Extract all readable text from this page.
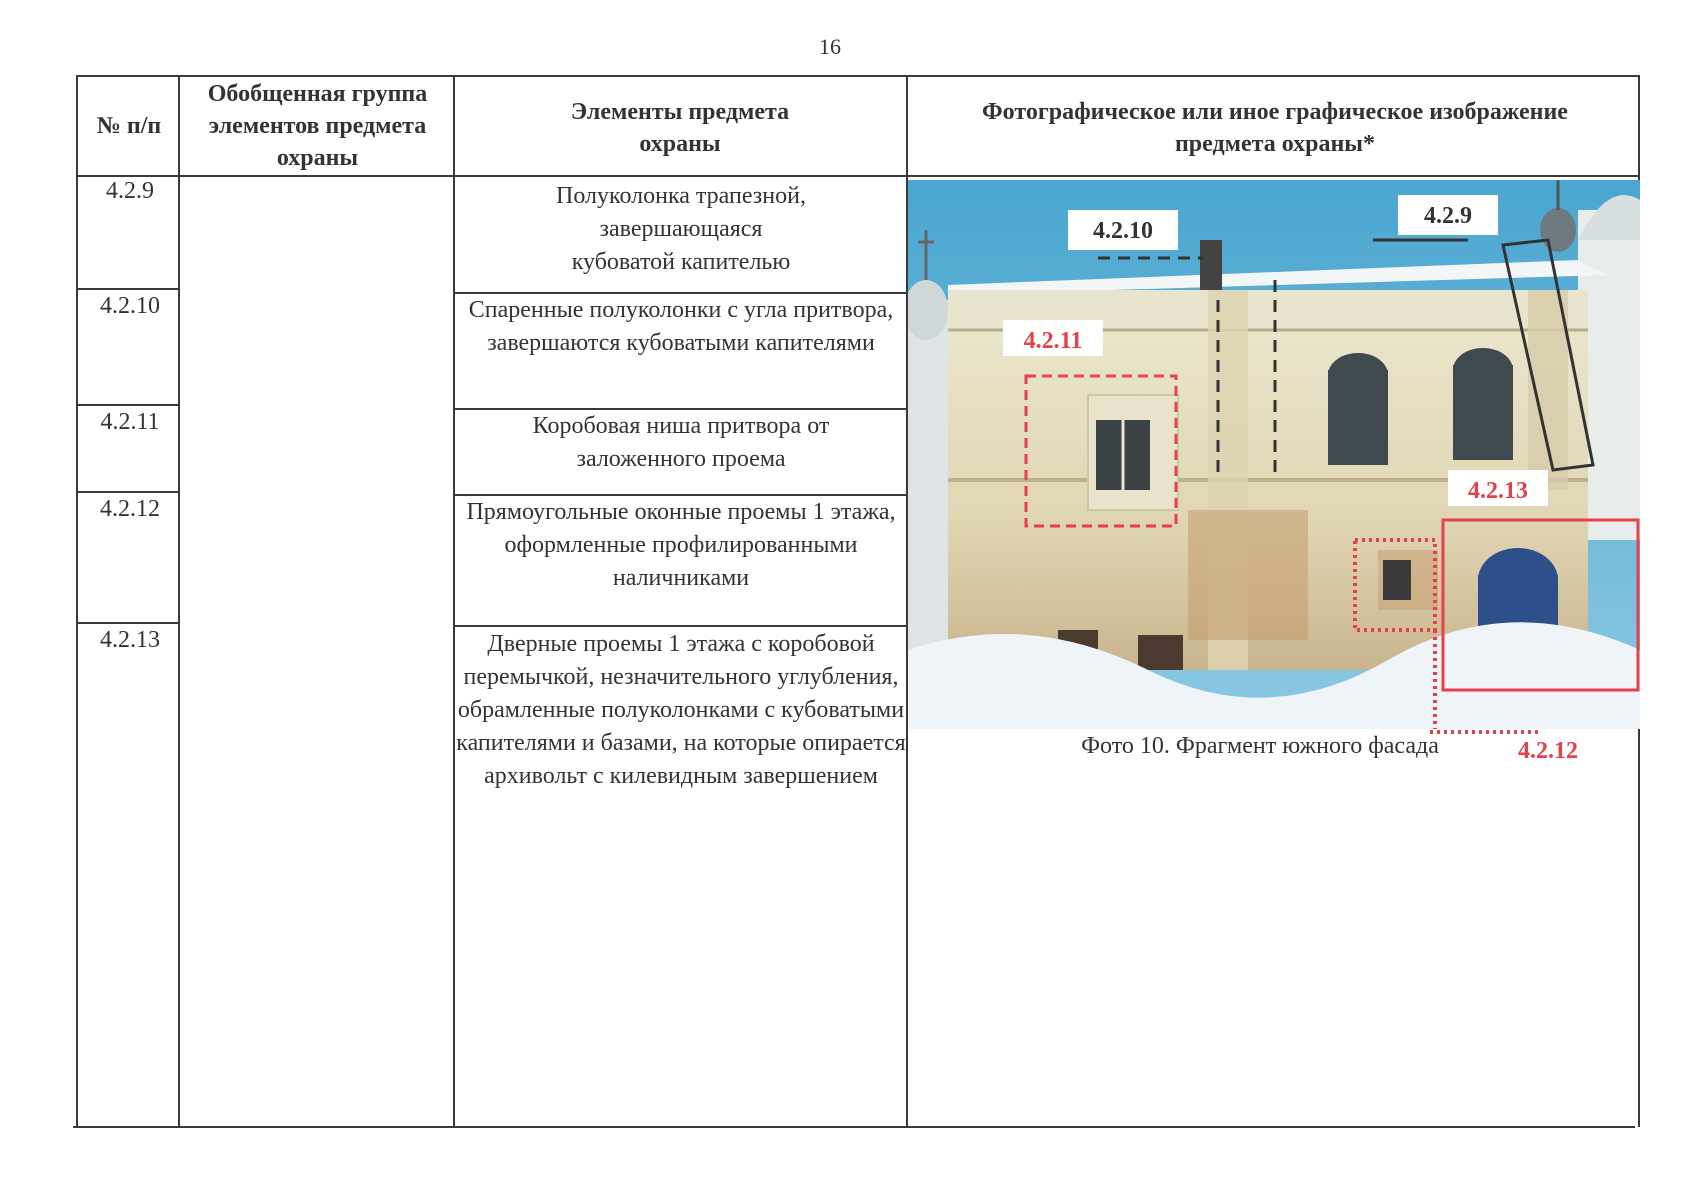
16
№ п/п
Обобщенная группа элементов предмета охраны
Элементы предмета охраны
Фотографическое или иное графическое изображение предмета охраны*
4.2.9
4.2.10
4.2.11
4.2.12
4.2.13
Полуколонка трапезной, завершающаяся кубоватой капителью
Спаренные полуколонки с угла притвора, завершаются кубоватыми капителями
Коробовая ниша притвора от заложенного проема
Прямоугольные оконные проемы 1 этажа, оформленные профилированными наличниками
Дверные проемы 1 этажа с коробовой перемычкой, незначительного углубления, обрамленные полуколонками с кубоватыми капителями и базами, на которые опирается архивольт с килевидным завершением
4.2.10
4.2.9
4.2.11
4.2.13
Фото 10. Фрагмент южного фасада	4.2.12
